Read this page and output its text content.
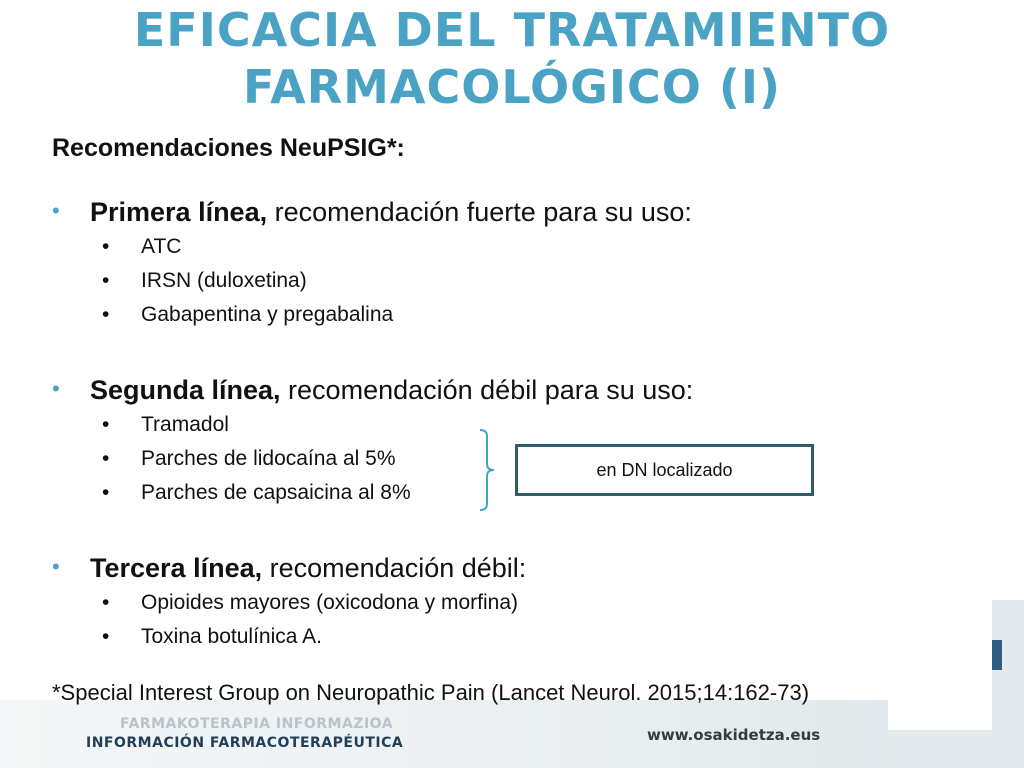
FARMAKOTERAPIA INFORMAZIOA
INFORMACIÓN FARMACOTERAPÉUTICA	www.osakidetza.eus
EFICACIA DEL TRATAMIENTO
FARMACOLÓGICO (I)
Recomendaciones NeuPSIG*:
• Primera línea, recomendación fuerte para su uso:
• ATC
• IRSN (duloxetina)
• Gabapentina y pregabalina
• Segunda línea, recomendación débil para su uso:
• Tramadol
• Parches de lidocaína al 5%
• Parches de capsaicina al 8%
en DN localizado
• Tercera línea, recomendación débil:
• Opioides mayores (oxicodona y morfina)
• Toxina botulínica A.
*Special Interest Group on Neuropathic Pain (Lancet Neurol. 2015;14:162-73)
